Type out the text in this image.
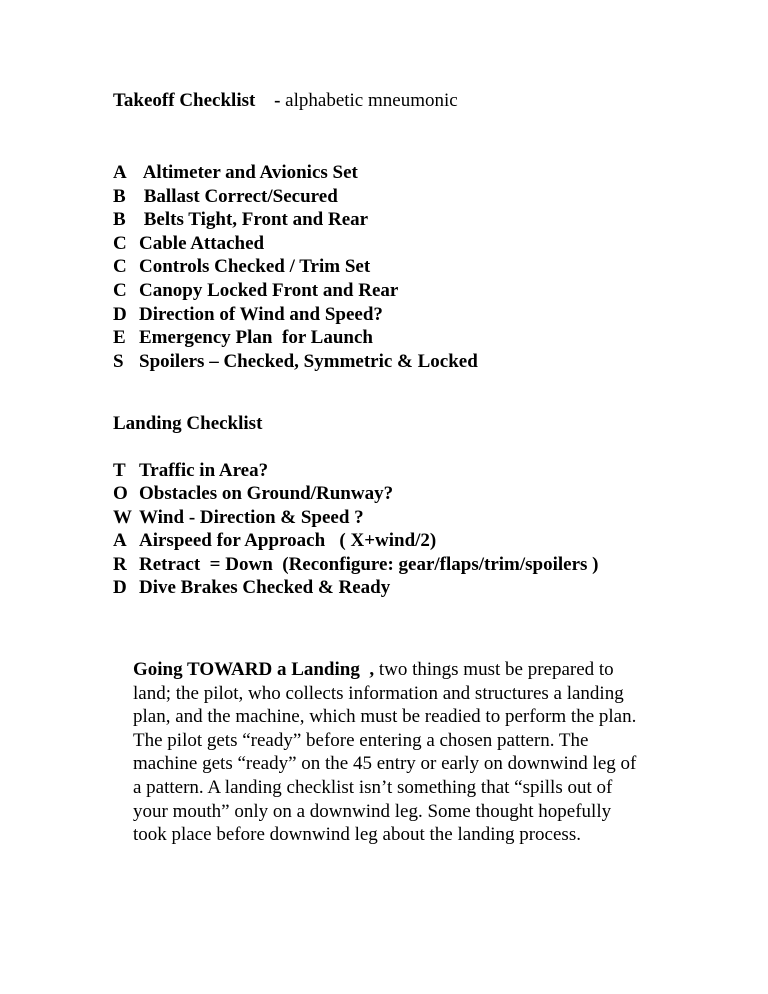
Takeoff Checklist - alphabetic mneumonic
A Altimeter and Avionics Set
B Ballast Correct/Secured
B Belts Tight, Front and Rear
C Cable Attached
C Controls Checked / Trim Set
C Canopy Locked Front and Rear
D Direction of Wind and Speed?
E Emergency Plan  for Launch
S Spoilers – Checked, Symmetric & Locked
Landing Checklist
T Traffic in Area?
O Obstacles on Ground/Runway?
W Wind - Direction & Speed ?
A Airspeed for Approach   ( X+wind/2)
R Retract  = Down  (Reconfigure: gear/flaps/trim/spoilers )
D Dive Brakes Checked & Ready

Going TOWARD a Landing  , two things must be prepared to land; the pilot, who collects information and structures a landing plan, and the machine, which must be readied to perform the plan. The pilot gets “ready” before entering a chosen pattern. The machine gets “ready” on the 45 entry or early on downwind leg of a pattern. A landing checklist isn’t something that “spills out of your mouth” only on a downwind leg. Some thought hopefully took place before downwind leg about the landing process.
